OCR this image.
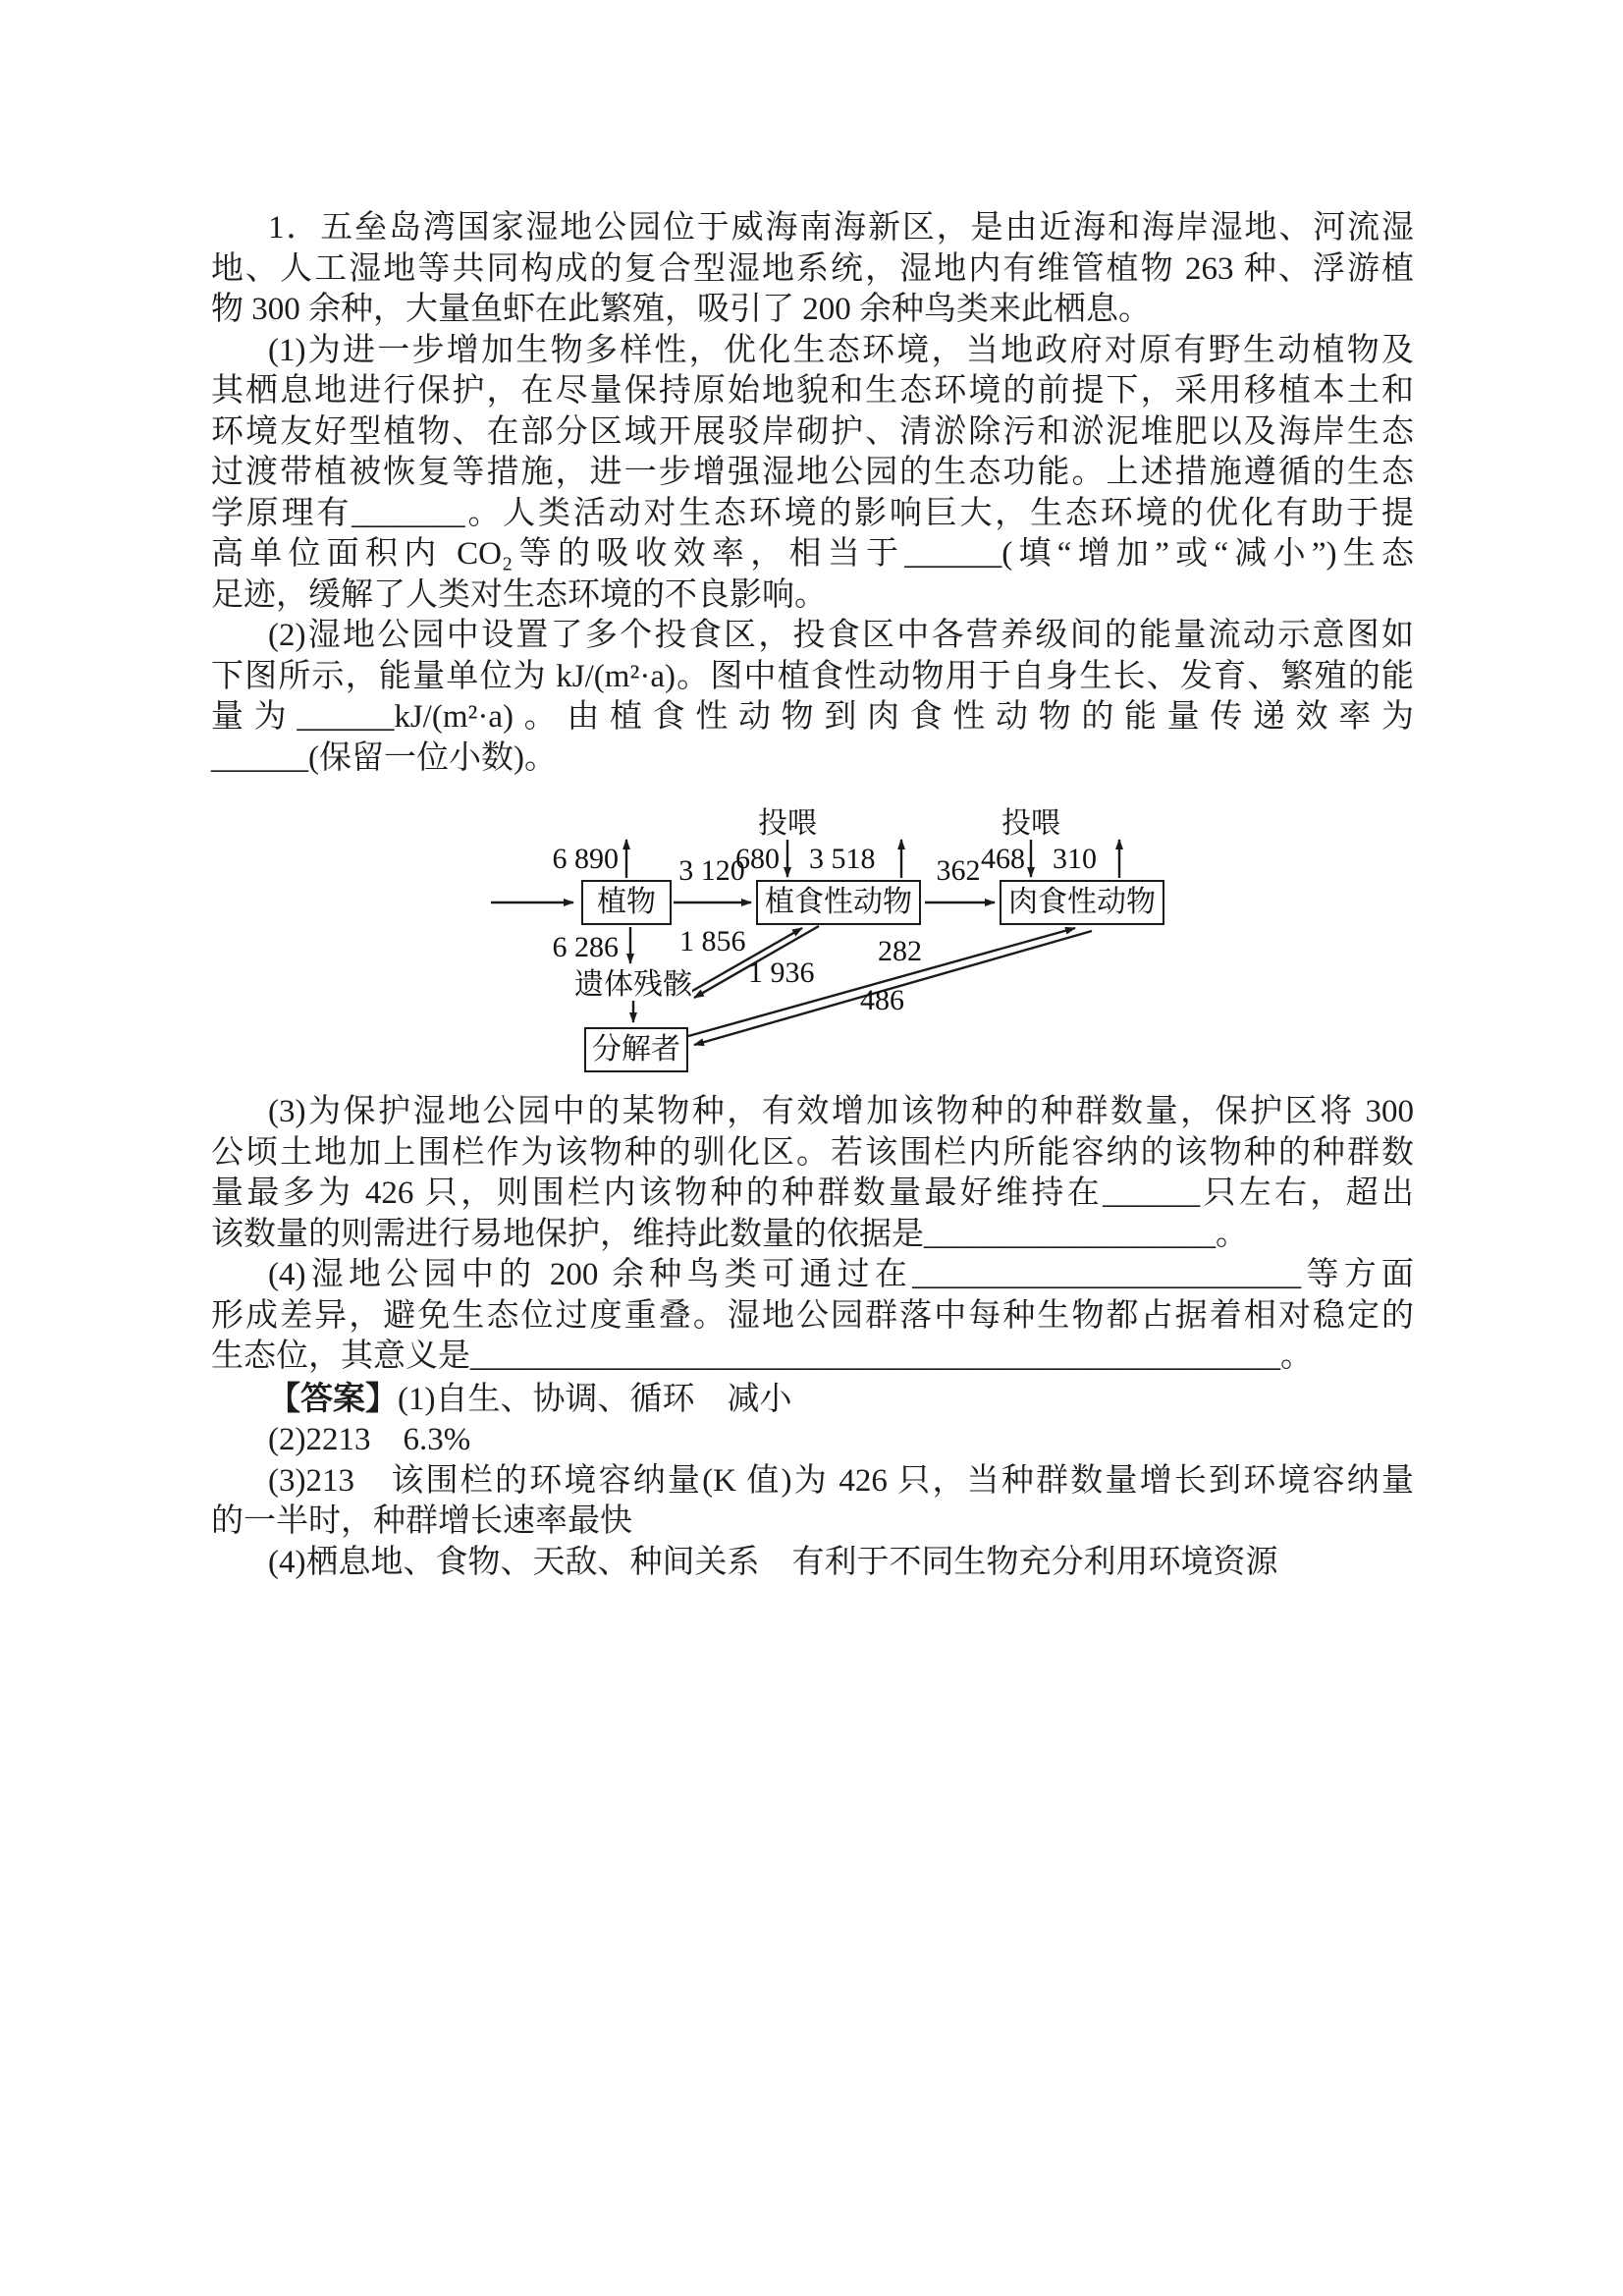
1．五垒岛湾国家湿地公园位于威海南海新区，是由近海和海岸湿地、河流湿
地、人工湿地等共同构成的复合型湿地系统，湿地内有维管植物 263 种、浮游植
物 300 余种，大量鱼虾在此繁殖，吸引了 200 余种鸟类来此栖息。
(1)为进一步增加生物多样性，优化生态环境，当地政府对原有野生动植物及
其栖息地进行保护，在尽量保持原始地貌和生态环境的前提下，采用移植本土和
环境友好型植物、在部分区域开展驳岸砌护、清淤除污和淤泥堆肥以及海岸生态
过渡带植被恢复等措施，进一步增强湿地公园的生态功能。上述措施遵循的生态
学原理有_______。人类活动对生态环境的影响巨大，生态环境的优化有助于提
高单位面积内 CO₂等的吸收效率，相当于______(填“增加”或“减小”)生态
足迹，缓解了人类对生态环境的不良影响。
(2)湿地公园中设置了多个投食区，投食区中各营养级间的能量流动示意图如
下图所示，能量单位为 kJ/(m²·a)。图中植食性动物用于自身生长、发育、繁殖的能
量为______kJ/(m²·a)。由植食性动物到肉食性动物的能量传递效率为
______(保留一位小数)。
植物	植食性动物	肉食性动物
分解者
遗体残骸
投喂	投喂
6 890
6 286
3 120
680 3 518	362 468 310
1 856
1 936
282
486
(3)为保护湿地公园中的某物种，有效增加该物种的种群数量，保护区将 300
公顷土地加上围栏作为该物种的驯化区。若该围栏内所能容纳的该物种的种群数
量最多为 426 只，则围栏内该物种的种群数量最好维持在______只左右，超出
该数量的则需进行易地保护，维持此数量的依据是__________________。
(4)湿地公园中的 200 余种鸟类可通过在________________________等方面
形成差异，避免生态位过度重叠。湿地公园群落中每种生物都占据着相对稳定的
生态位，其意义是__________________________________________________。
【答案】(1)自生、协调、循环　减小
(2)2213　6.3%
(3)213　该围栏的环境容纳量(K 值)为 426 只，当种群数量增长到环境容纳量
的一半时，种群增长速率最快
(4)栖息地、食物、天敌、种间关系　有利于不同生物充分利用环境资源
